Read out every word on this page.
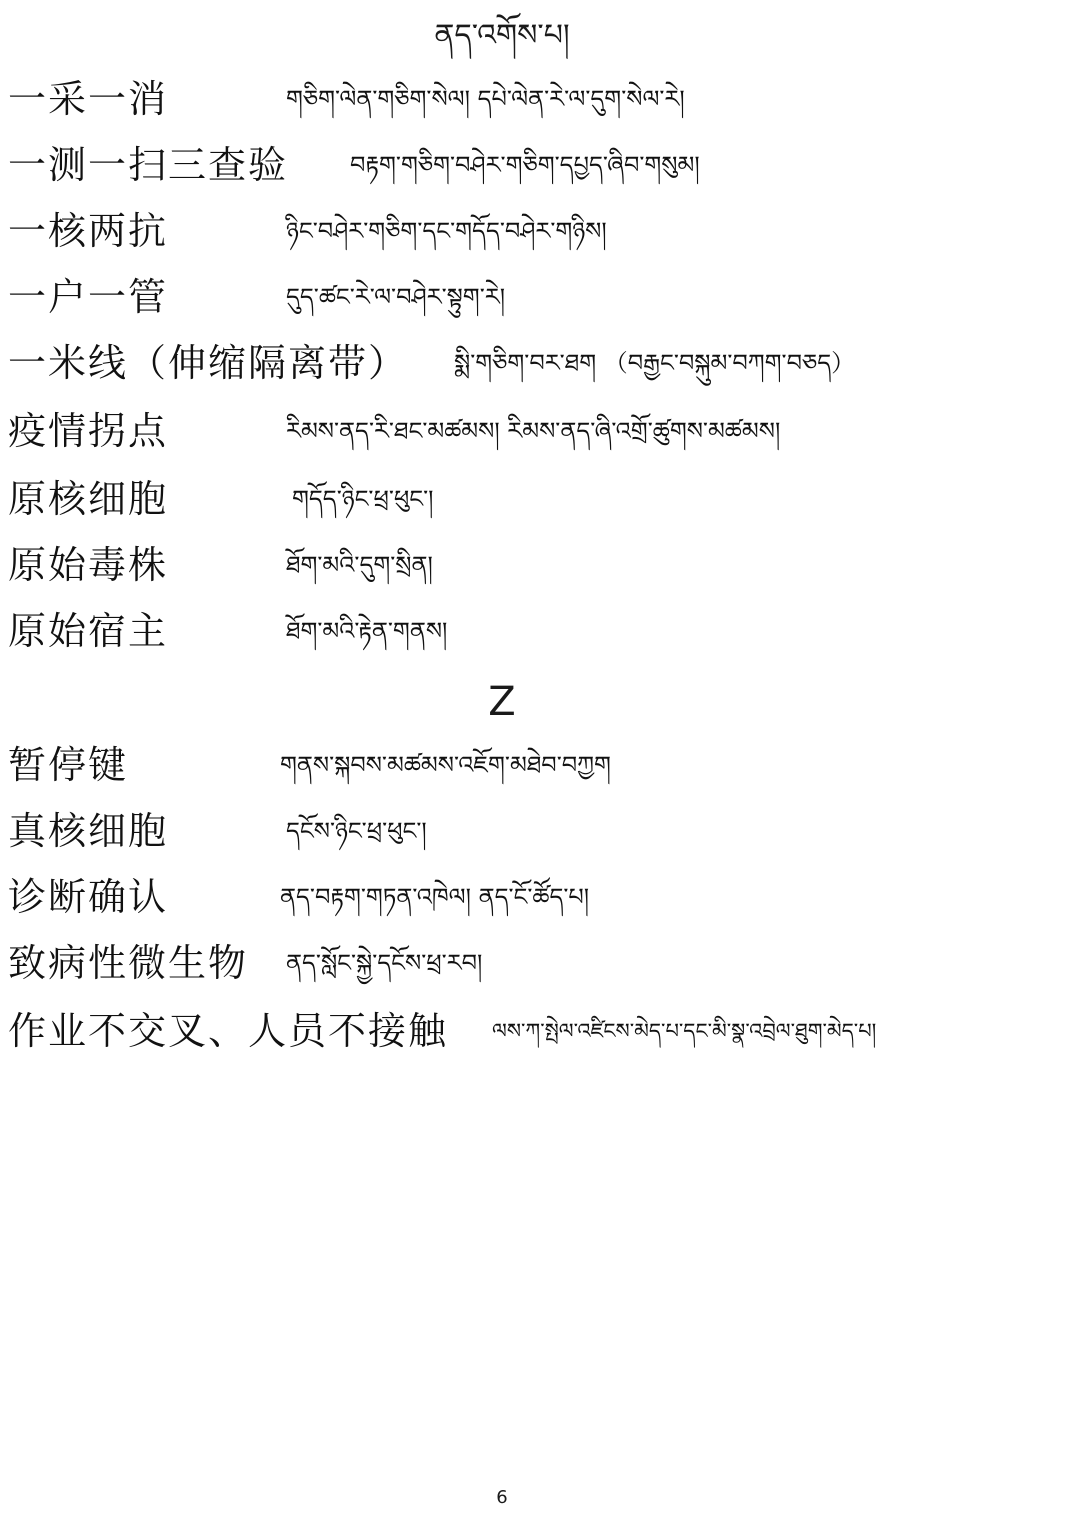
ནད་འགོས་པ།
一采一消	གཅིག་ལེན་གཅིག་སེལ། དཔེ་ལེན་རེ་ལ་དུག་སེལ་རེ།
一测一扫三查验	བརྟག་གཅིག་བཤེར་གཅིག་དཔྱད་ཞིབ་གསུམ།
一核两抗	ཉིང་བཤེར་གཅིག་དང་གདོད་བཤེར་གཉིས།
一户一管	དུད་ཚང་རེ་ལ་བཤེར་སྟུག་རེ།
一米线（伸缩隔离带） སྨི་གཅིག་བར་ཐག （བརྒྱང་བསྐུམ་བཀག་བཅད）
疫情拐点	རིམས་ནད་རི་ཐང་མཚམས། རིམས་ནད་ཞི་འགྲོ་ཚུགས་མཚམས།
原核细胞	གདོད་ཉིང་ཕྲ་ཕུང་།
原始毒株	ཐོག་མའི་དུག་སྲིན།
原始宿主	ཐོག་མའི་རྟེན་གནས།
Z
暂停键	གནས་སྐབས་མཚམས་འཇོག་མཐེབ་བཀྱག
真核细胞	དངོས་ཉིང་ཕྲ་ཕུང་།
诊断确认	ནད་བརྟག་གཏན་འཁེལ། ནད་ངོ་ཚོད་པ།
致病性微生物 ནད་སློང་སྐྱེ་དངོས་ཕྲ་རབ།
作业不交叉、人员不接触 ལས་ཀ་སྤེལ་འཛིངས་མེད་པ་དང་མི་སྣ་འབྲེལ་ཐུག་མེད་པ།
6
